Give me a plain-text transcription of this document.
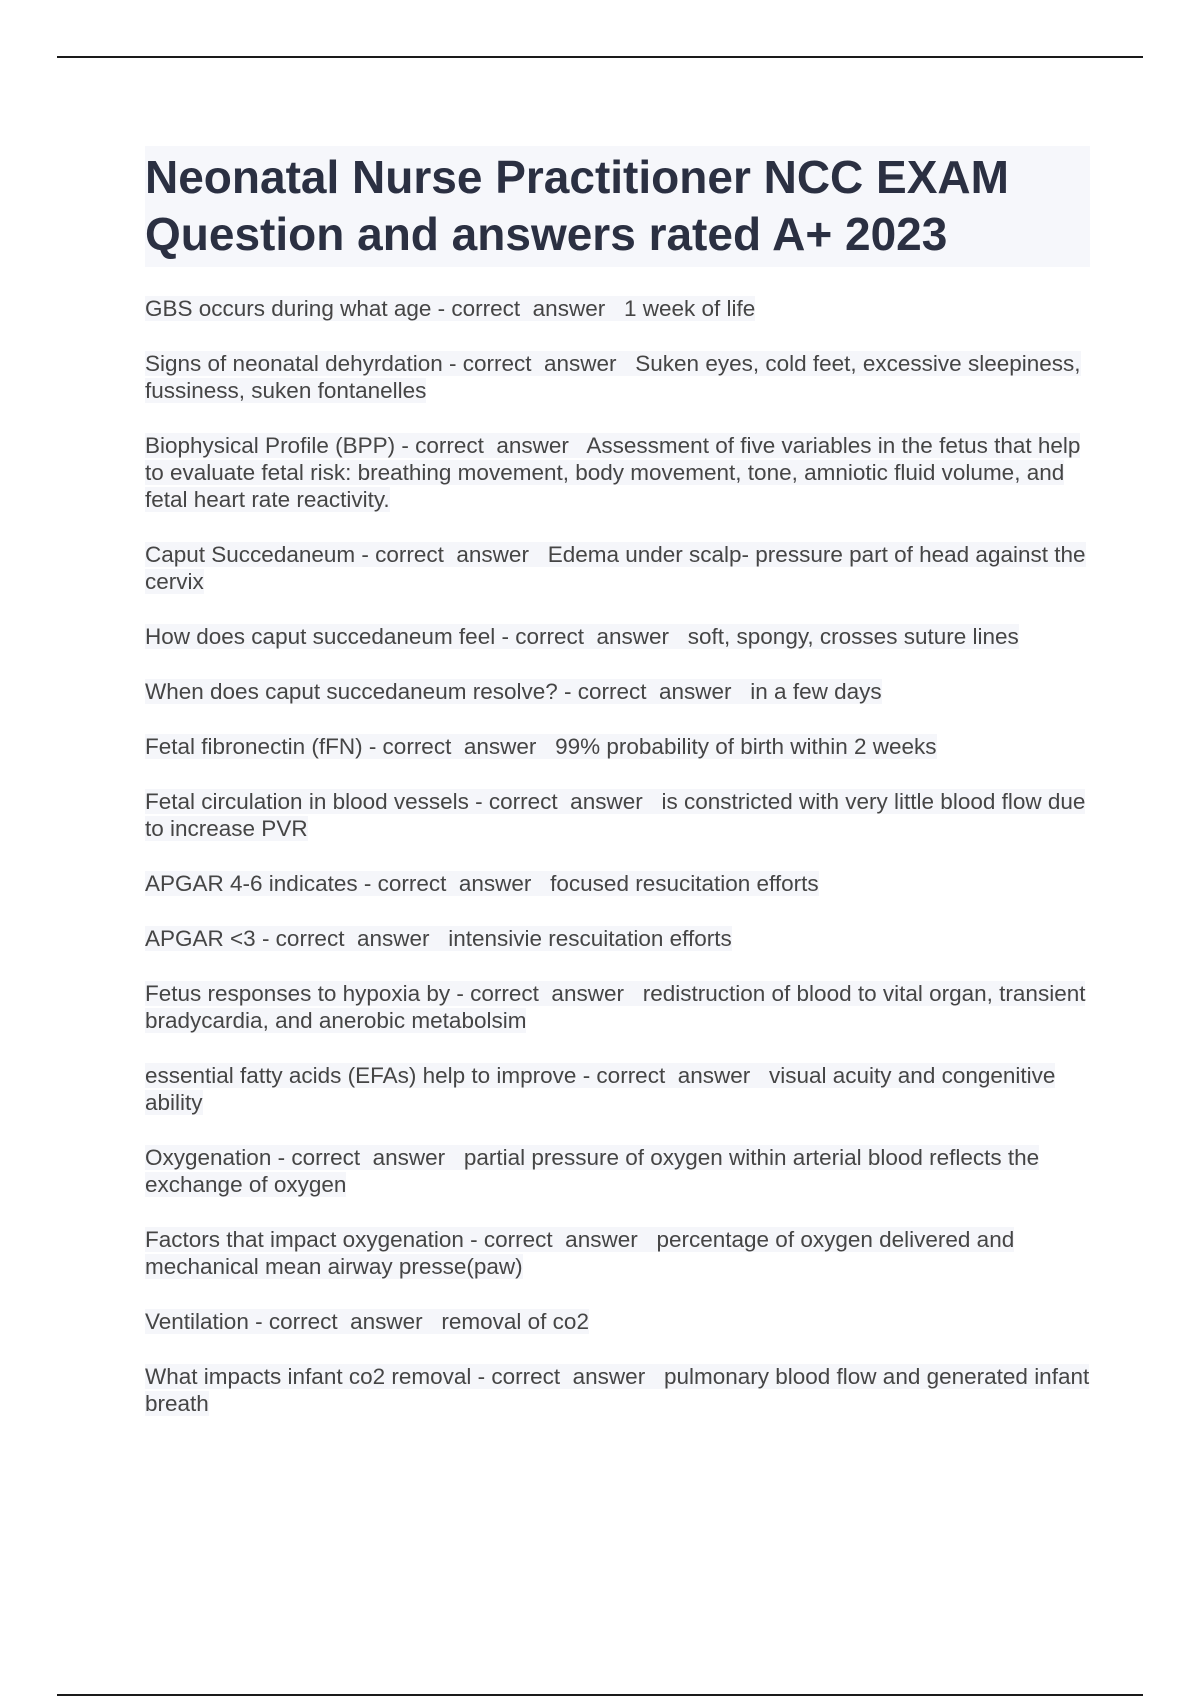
Neonatal Nurse Practitioner NCC EXAM Question and answers rated A+ 2023
GBS occurs during what age - correct  answer   1 week of life
Signs of neonatal dehyrdation - correct  answer   Suken eyes, cold feet, excessive sleepiness, fussiness, suken fontanelles
Biophysical Profile (BPP) - correct  answer   Assessment of five variables in the fetus that help to evaluate fetal risk: breathing movement, body movement, tone, amniotic fluid volume, and fetal heart rate reactivity.
Caput Succedaneum - correct  answer   Edema under scalp- pressure part of head against the cervix
How does caput succedaneum feel - correct  answer   soft, spongy, crosses suture lines
When does caput succedaneum resolve? - correct  answer   in a few days
Fetal fibronectin (fFN) - correct  answer   99% probability of birth within 2 weeks
Fetal circulation in blood vessels - correct  answer   is constricted with very little blood flow due to increase PVR
APGAR 4-6 indicates - correct  answer   focused resucitation efforts
APGAR <3 - correct  answer   intensivie rescuitation efforts
Fetus responses to hypoxia by - correct  answer   redistruction of blood to vital organ, transient bradycardia, and anerobic metabolsim
essential fatty acids (EFAs) help to improve - correct  answer   visual acuity and congenitive ability
Oxygenation - correct  answer   partial pressure of oxygen within arterial blood reflects the exchange of oxygen
Factors that impact oxygenation - correct  answer   percentage of oxygen delivered and mechanical mean airway presse(paw)
Ventilation - correct  answer   removal of co2
What impacts infant co2 removal - correct  answer   pulmonary blood flow and generated infant breath
